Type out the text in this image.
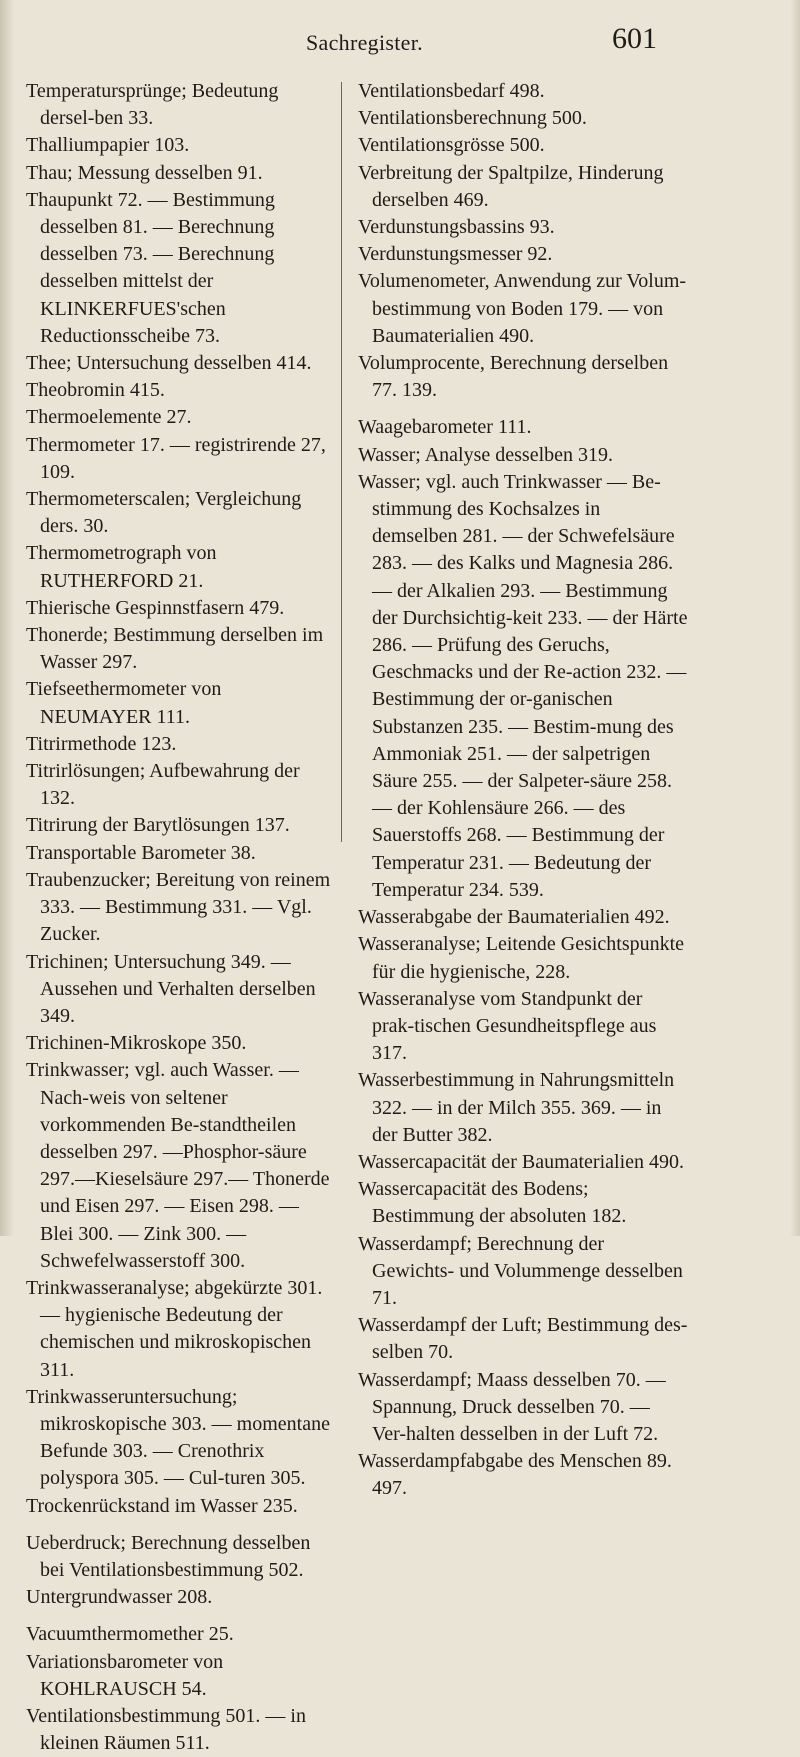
Sachregister.	601

Temperatursprünge; Bedeutung dersel-ben 33.

Thalliumpapier 103.

Thau; Messung desselben 91.

Thaupunkt 72. — Bestimmung desselben 81. — Berechnung desselben 73. — Berechnung desselben mittelst der KLINKERFUES'schen Reductionsscheibe 73.

Thee; Untersuchung desselben 414.

Theobromin 415.

Thermoelemente 27.

Thermometer 17. — registrirende 27, 109.

Thermometerscalen; Vergleichung ders. 30.

Thermometrograph von RUTHERFORD 21.

Thierische Gespinnstfasern 479.

Thonerde; Bestimmung derselben im Wasser 297.

Tiefseethermometer von NEUMAYER 111.

Titrirmethode 123.

Titrirlösungen; Aufbewahrung der 132.

Titrirung der Barytlösungen 137.

Transportable Barometer 38.

Traubenzucker; Bereitung von reinem 333. — Bestimmung 331. — Vgl. Zucker.

Trichinen; Untersuchung 349. — Aussehen und Verhalten derselben 349.

Trichinen-Mikroskope 350.

Trinkwasser; vgl. auch Wasser. — Nach-weis von seltener vorkommenden Be-standtheilen desselben 297. —Phosphor-säure 297.—Kieselsäure 297.— Thonerde und Eisen 297. — Eisen 298. — Blei 300. — Zink 300. — Schwefelwasserstoff 300.

Trinkwasseranalyse; abgekürzte 301. — hygienische Bedeutung der chemischen und mikroskopischen 311.

Trinkwasseruntersuchung; mikroskopische 303. — momentane Befunde 303. — Crenothrix polyspora 305. — Cul-turen 305.

Trockenrückstand im Wasser 235.

Ueberdruck; Berechnung desselben bei Ventilationsbestimmung 502.

Untergrundwasser 208.

Vacuumthermomether 25.

Variationsbarometer von KOHLRAUSCH 54.

Ventilationsbestimmung 501. — in kleinen Räumen 511.

Ventilationsbedarf 498.

Ventilationsberechnung 500.

Ventilationsgrösse 500.

Verbreitung der Spaltpilze, Hinderung derselben 469.

Verdunstungsbassins 93.

Verdunstungsmesser 92.

Volumenometer, Anwendung zur Volum-bestimmung von Boden 179. — von Baumaterialien 490.

Volumprocente, Berechnung derselben 77. 139.

Waagebarometer 111.

Wasser; Analyse desselben 319.

Wasser; vgl. auch Trinkwasser — Be-stimmung des Kochsalzes in demselben 281. — der Schwefelsäure 283. — des Kalks und Magnesia 286. — der Alkalien 293. — Bestimmung der Durchsichtig-keit 233. — der Härte 286. — Prüfung des Geruchs, Geschmacks und der Re-action 232. — Bestimmung der or-ganischen Substanzen 235. — Bestim-mung des Ammoniak 251. — der salpetrigen Säure 255. — der Salpeter-säure 258. — der Kohlensäure 266. — des Sauerstoffs 268. — Bestimmung der Temperatur 231. — Bedeutung der Temperatur 234. 539.

Wasserabgabe der Baumaterialien 492.

Wasseranalyse; Leitende Gesichtspunkte für die hygienische, 228.

Wasseranalyse vom Standpunkt der prak-tischen Gesundheitspflege aus 317.

Wasserbestimmung in Nahrungsmitteln 322. — in der Milch 355. 369. — in der Butter 382.

Wassercapacität der Baumaterialien 490.

Wassercapacität des Bodens; Bestimmung der absoluten 182.

Wasserdampf; Berechnung der Gewichts- und Volummenge desselben 71.

Wasserdampf der Luft; Bestimmung des-selben 70.

Wasserdampf; Maass desselben 70. — Spannung, Druck desselben 70. — Ver-halten desselben in der Luft 72.

Wasserdampfabgabe des Menschen 89. 497.
